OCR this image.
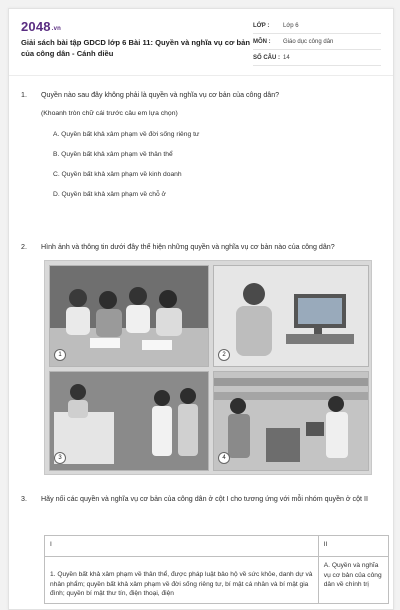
2048.vn
Giải sách bài tập GDCD lớp 6 Bài 11: Quyền và nghĩa vụ cơ bản của công dân - Cánh diều
LỚP :	Lớp 6
MÔN :	Giáo dục công dân
SỐ CÂU : 14
1. Quyền nào sau đây không phải là quyền và nghĩa vụ cơ bản của công dân?
(Khoanh tròn chữ cái trước câu em lựa chọn)
A. Quyền bất khả xâm phạm về đời sống riêng tư
B. Quyền bất khả xâm phạm về thân thể
C. Quyền bất khả xâm phạm về kinh doanh
D. Quyền bất khả xâm phạm về chỗ ở
2. Hình ảnh và thông tin dưới đây thể hiện những quyền và nghĩa vụ cơ bản nào của công dân?
1	2
3	4
3. Hãy nối các quyền và nghĩa vụ cơ bản của công dân ở cột I cho tương ứng với mỗi nhóm quyền ở cột II
I	II
1. Quyền bất khả xâm phạm về thân thể, được pháp luật bảo hộ về sức khỏe, danh dự và nhân phẩm; quyền bất khả xâm phạm về đời sống riêng tư, bí mật cá nhân và bí mật gia đình; quyền bí mật thư tín, điện thoại, điện	A. Quyền và nghĩa vụ cơ bản của công dân về chính trị
